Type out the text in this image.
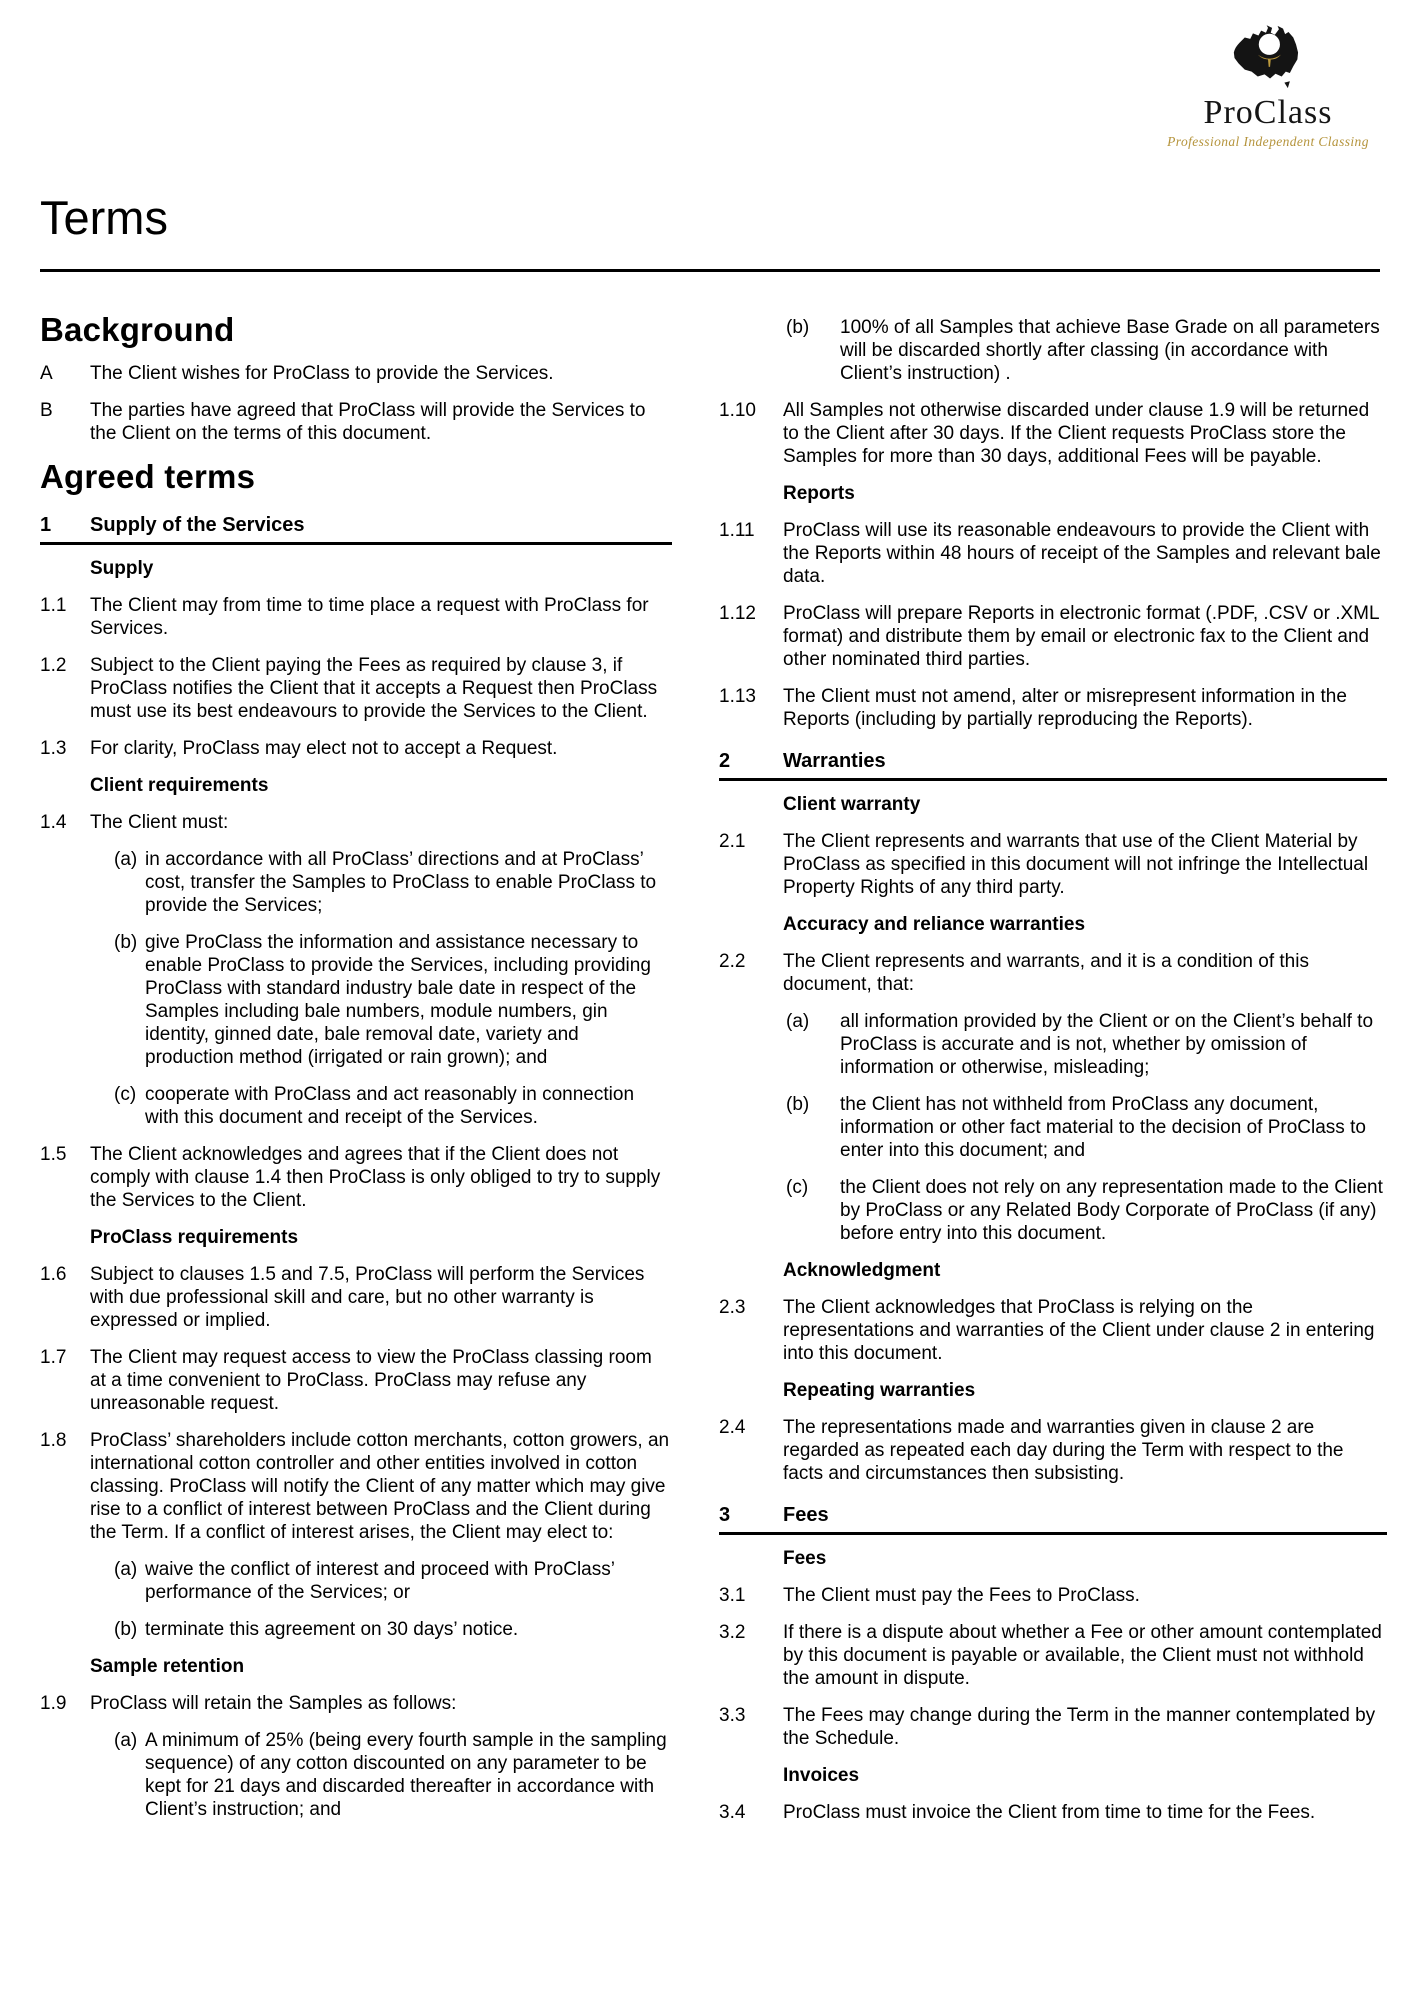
ProClass
Professional Independent Classing
Terms
Background
A	The Client wishes for ProClass to provide the Services.
B	The parties have agreed that ProClass will provide the Services to the Client on the terms of this document.
Agreed terms
1	Supply of the Services
Supply
1.1	The Client may from time to time place a request with ProClass for Services.
1.2	Subject to the Client paying the Fees as required by clause 3, if ProClass notifies the Client that it accepts a Request then ProClass must use its best endeavours to provide the Services to the Client.
1.3	For clarity, ProClass may elect not to accept a Request.
Client requirements
1.4	The Client must:
(a) in accordance with all ProClass’ directions and at ProClass’ cost, transfer the Samples to ProClass to enable ProClass to provide the Services;
(b) give ProClass the information and assistance necessary to enable ProClass to provide the Services, including providing ProClass with standard industry bale date in respect of the Samples including bale numbers, module numbers, gin identity, ginned date, bale removal date, variety and production method (irrigated or rain grown); and
(c) cooperate with ProClass and act reasonably in connection with this document and receipt of the Services.
1.5	The Client acknowledges and agrees that if the Client does not comply with clause 1.4 then ProClass is only obliged to try to supply the Services to the Client.
ProClass requirements
1.6	Subject to clauses 1.5 and 7.5, ProClass will perform the Services with due professional skill and care, but no other warranty is expressed or implied.
1.7	The Client may request access to view the ProClass classing room at a time convenient to ProClass. ProClass may refuse any unreasonable request.
1.8	ProClass’ shareholders include cotton merchants, cotton growers, an international cotton controller and other entities involved in cotton classing. ProClass will notify the Client of any matter which may give rise to a conflict of interest between ProClass and the Client during the Term. If a conflict of interest arises, the Client may elect to:
(a) waive the conflict of interest and proceed with ProClass’ performance of the Services; or
(b) terminate this agreement on 30 days’ notice.
Sample retention
1.9	ProClass will retain the Samples as follows:
(a) A minimum of 25% (being every fourth sample in the sampling sequence) of any cotton discounted on any parameter to be kept for 21 days and discarded thereafter in accordance with Client’s instruction; and
(b)	100% of all Samples that achieve Base Grade on all parameters will be discarded shortly after classing (in accordance with Client’s instruction) .
1.10	All Samples not otherwise discarded under clause 1.9 will be returned to the Client after 30 days. If the Client requests ProClass store the Samples for more than 30 days, additional Fees will be payable.
Reports
1.11	ProClass will use its reasonable endeavours to provide the Client with the Reports within 48 hours of receipt of the Samples and relevant bale data.
1.12	ProClass will prepare Reports in electronic format (.PDF, .CSV or .XML format) and distribute them by email or electronic fax to the Client and other nominated third parties.
1.13	The Client must not amend, alter or misrepresent information in the Reports (including by partially reproducing the Reports).
2	Warranties
Client warranty
2.1	The Client represents and warrants that use of the Client Material by ProClass as specified in this document will not infringe the Intellectual Property Rights of any third party.
Accuracy and reliance warranties
2.2	The Client represents and warrants, and it is a condition of this document, that:
(a)	all information provided by the Client or on the Client’s behalf to ProClass is accurate and is not, whether by omission of information or otherwise, misleading;
(b)	the Client has not withheld from ProClass any document, information or other fact material to the decision of ProClass to enter into this document; and
(c)	the Client does not rely on any representation made to the Client by ProClass or any Related Body Corporate of ProClass (if any) before entry into this document.
Acknowledgment
2.3	The Client acknowledges that ProClass is relying on the representations and warranties of the Client under clause 2 in entering into this document.
Repeating warranties
2.4	The representations made and warranties given in clause 2 are regarded as repeated each day during the Term with respect to the facts and circumstances then subsisting.
3	Fees
Fees
3.1	The Client must pay the Fees to ProClass.
3.2	If there is a dispute about whether a Fee or other amount contemplated by this document is payable or available, the Client must not withhold the amount in dispute.
3.3	The Fees may change during the Term in the manner contemplated by the Schedule.
Invoices
3.4	ProClass must invoice the Client from time to time for the Fees.
